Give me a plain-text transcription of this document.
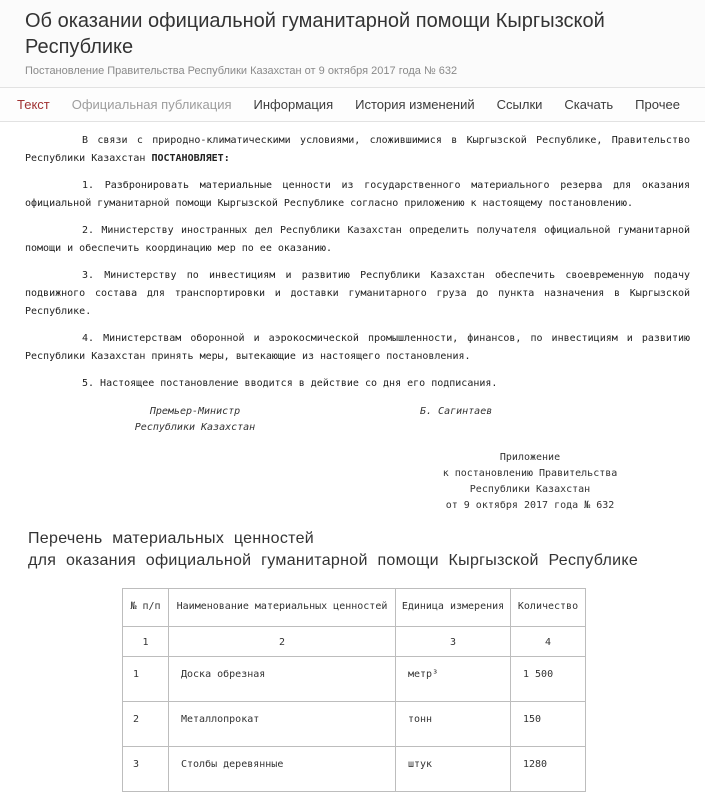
Об оказании официальной гуманитарной помощи Кыргызской Республике
Постановление Правительства Республики Казахстан от 9 октября 2017 года № 632
Текст	Официальная публикация	Информация	История изменений	Ссылки	Скачать	Прочее

В связи с природно-климатическими условиями, сложившимися в Кыргызской Республике, Правительство Республики Казахстан ПОСТАНОВЛЯЕТ:

1. Разбронировать материальные ценности из государственного материального резерва для оказания официальной гуманитарной помощи Кыргызской Республике согласно приложению к настоящему постановлению.

2. Министерству иностранных дел Республики Казахстан определить получателя официальной гуманитарной помощи и обеспечить координацию мер по ее оказанию.

3. Министерству по инвестициям и развитию Республики Казахстан обеспечить своевременную подачу подвижного состава для транспортировки и доставки гуманитарного груза до пункта назначения в Кыргызской Республике.

4. Министерствам оборонной и аэрокосмической промышленности, финансов, по инвестициям и развитию Республики Казахстан принять меры, вытекающие из настоящего постановления.

5. Настоящее постановление вводится в действие со дня его подписания.

Премьер-Министр
Республики Казахстан
Б. Сагинтаев
Приложение
к постановлению Правительства
Республики Казахстан
от 9 октября 2017 года № 632
Перечень материальных ценностей
для оказания официальной гуманитарной помощи Кыргызской Республике
№ п/п	Наименование материальных ценностей	Единица измерения	Количество
1	2	3	4
1	Доска обрезная	метр³	1 500
2	Металлопрокат	тонн	150
3	Столбы деревянные	штук	1280
